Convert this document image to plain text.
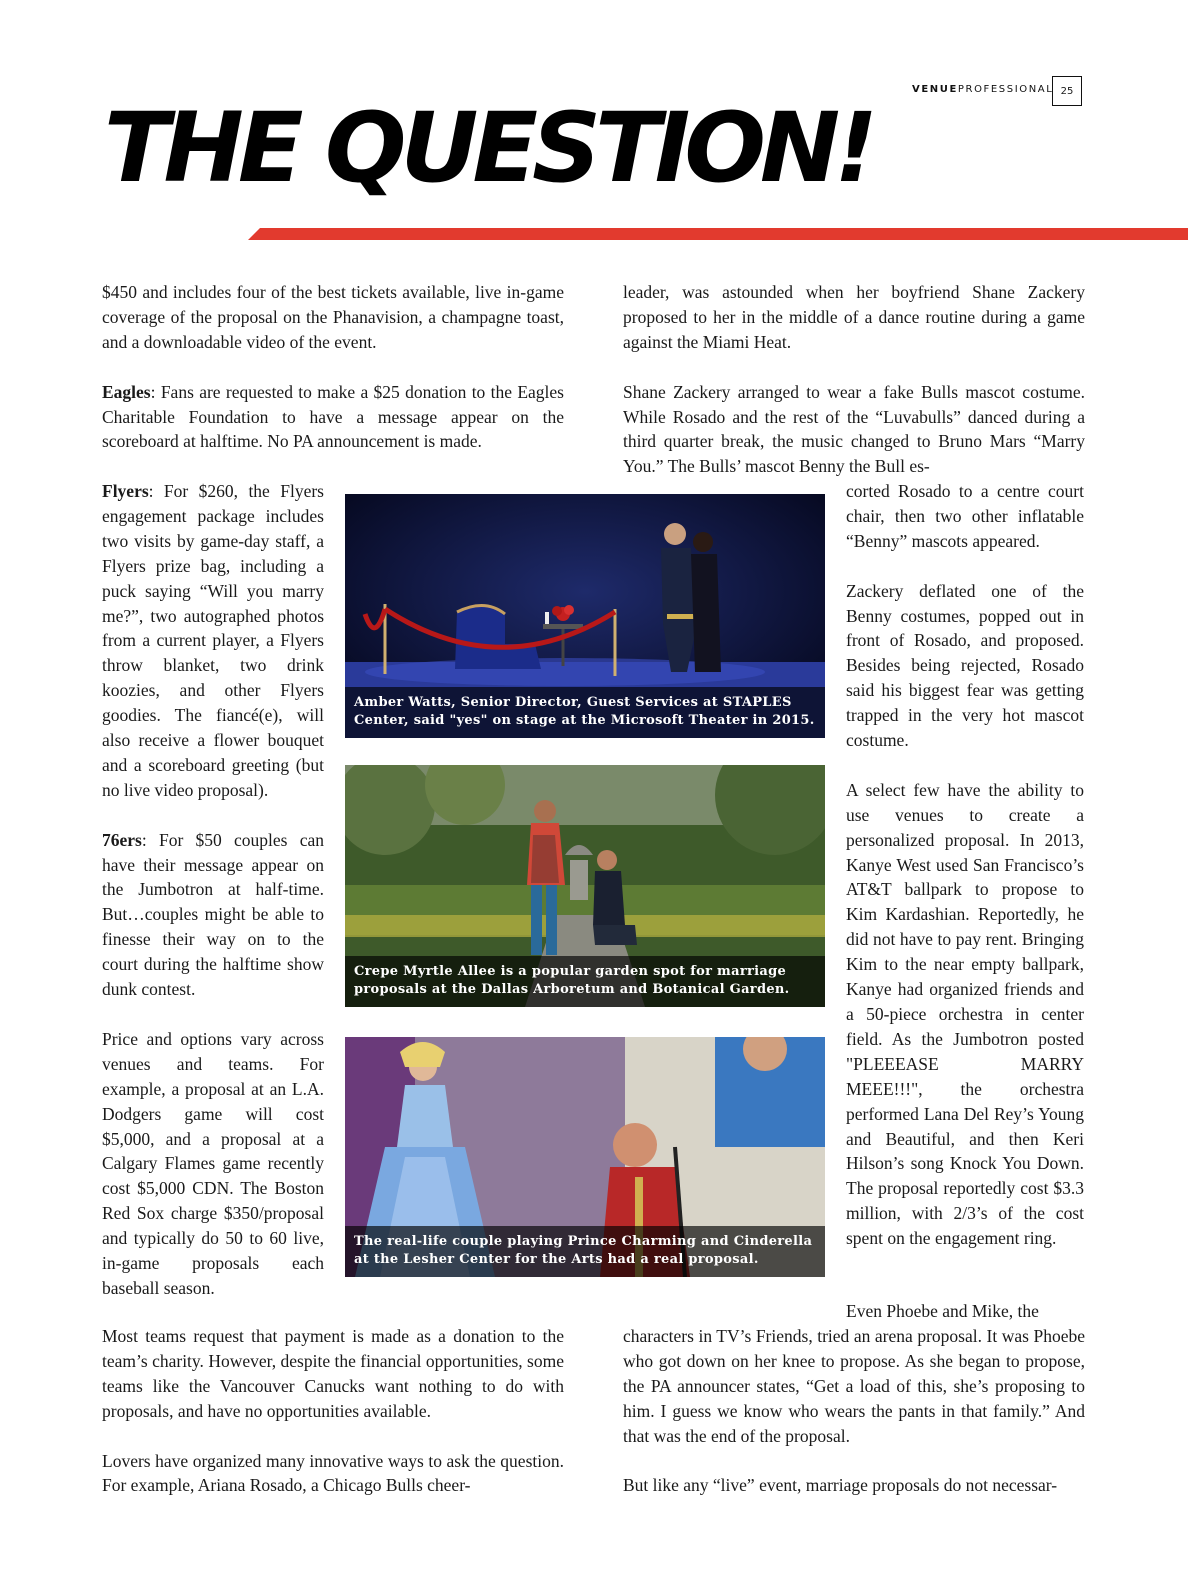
VENUEPROFESSIONAL 25
THE QUESTION!

$450 and includes four of the best tickets available, live in-game coverage of the proposal on the Phanavision, a champagne toast, and a downloadable video of the event.

Eagles: Fans are requested to make a $25 donation to the Eagles Charitable Foundation to have a message appear on the scoreboard at halftime. No PA announcement is made.

Flyers: For $260, the Flyers engagement package includes two visits by game-day staff, a Flyers prize bag, including a puck saying “Will you marry me?”, two autographed photos from a current player, a Flyers throw blanket, two drink koozies, and other Flyers goodies. The fiancé(e), will also receive a flower bouquet and a scoreboard greeting (but no live video proposal).

76ers: For $50 couples can have their message appear on the Jumbotron at half-time. But…couples might be able to finesse their way on to the court during the halftime show dunk contest.

Price and options vary across venues and teams. For example, a proposal at an L.A. Dodgers game will cost $5,000, and a proposal at a Calgary Flames game recently cost $5,000 CDN. The Boston Red Sox charge $350/proposal and typically do 50 to 60 live, in-game proposals each baseball season.

Most teams request that payment is made as a donation to the team’s charity. However, despite the financial opportunities, some teams like the Vancouver Canucks want nothing to do with proposals, and have no opportunities available.

Lovers have organized many innovative ways to ask the question. For example, Ariana Rosado, a Chicago Bulls cheer-

leader, was astounded when her boyfriend Shane Zackery proposed to her in the middle of a dance routine during a game against the Miami Heat.

Shane Zackery arranged to wear a fake Bulls mascot costume. While Rosado and the rest of the “Luvabulls” danced during a third quarter break, the music changed to Bruno Mars “Marry You.” The Bulls’ mascot Benny the Bull es-

corted Rosado to a centre court chair, then two other inflatable “Benny” mascots appeared.

Zackery deflated one of the Benny costumes, popped out in front of Rosado, and proposed. Besides being rejected, Rosado said his biggest fear was getting trapped in the very hot mascot costume.

A select few have the ability to use venues to create a personalized proposal. In 2013, Kanye West used San Francisco’s AT&T ballpark to propose to Kim Kardashian. Reportedly, he did not have to pay rent. Bringing Kim to the near empty ballpark, Kanye had organized friends and a 50-piece orchestra in center field. As the Jumbotron posted "PLEEEASE MARRY MEEE!!!", the orchestra performed Lana Del Rey’s Young and Beautiful, and then Keri Hilson’s song Knock You Down. The proposal reportedly cost $3.3 million, with 2/3’s of the cost spent on the engagement ring.

Even Phoebe and Mike, the

characters in TV’s Friends, tried an arena proposal. It was Phoebe who got down on her knee to propose. As she began to propose, the PA announcer states, “Get a load of this, she’s proposing to him. I guess we know who wears the pants in that family.” And that was the end of the proposal.

But like any “live” event, marriage proposals do not necessar-

Amber Watts, Senior Director, Guest Services at STAPLES Center, said "yes" on stage at the Microsoft Theater in 2015.
Crepe Myrtle Allee is a popular garden spot for marriage proposals at the Dallas Arboretum and Botanical Garden.
The real-life couple playing Prince Charming and Cinderella at the Lesher Center for the Arts had a real proposal.
